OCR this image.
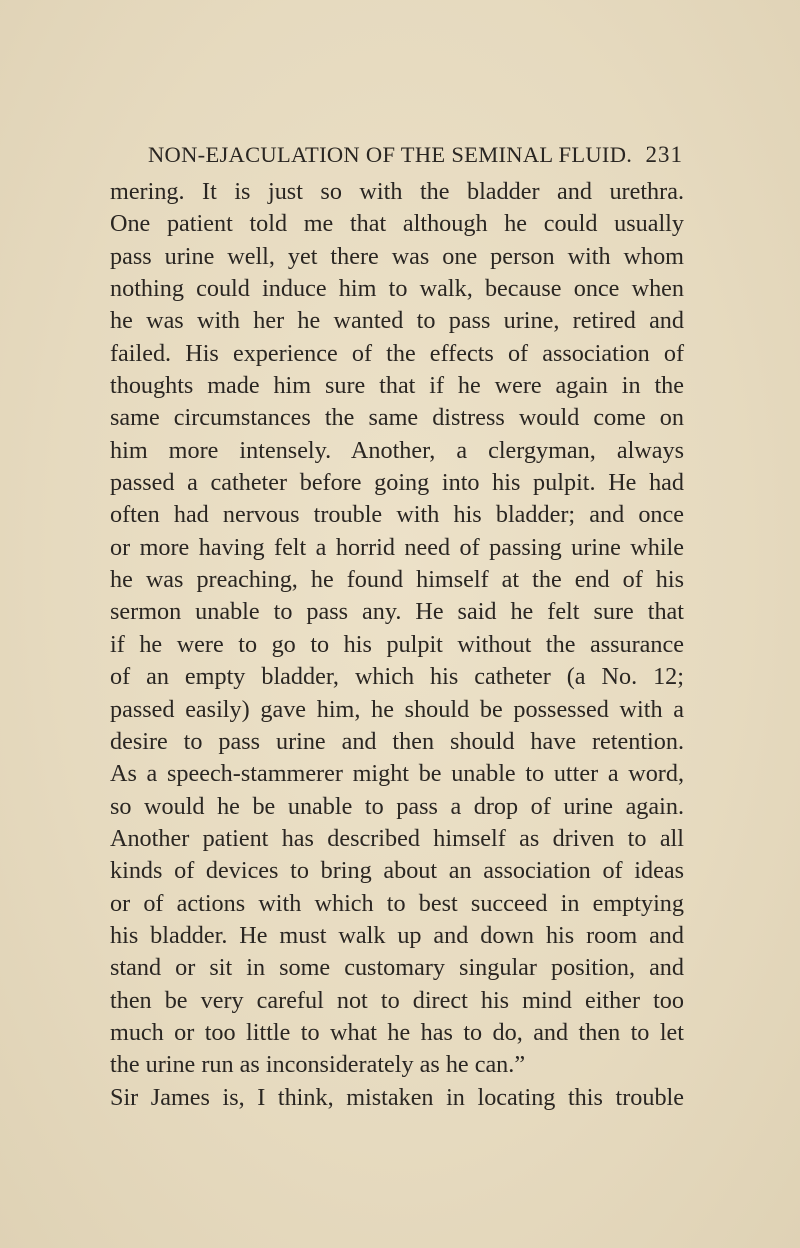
NON-EJACULATION OF THE SEMINAL FLUID. 231
mering. It is just so with the bladder and urethra.
One patient told me that although he could usually
pass urine well, yet there was one person with whom
nothing could induce him to walk, because once when
he was with her he wanted to pass urine, retired and
failed. His experience of the effects of association of
thoughts made him sure that if he were again in the
same circumstances the same distress would come on
him more intensely. Another, a clergyman, always
passed a catheter before going into his pulpit. He had
often had nervous trouble with his bladder; and once
or more having felt a horrid need of passing urine while
he was preaching, he found himself at the end of his
sermon unable to pass any. He said he felt sure that
if he were to go to his pulpit without the assurance
of an empty bladder, which his catheter (a No. 12;
passed easily) gave him, he should be possessed with a
desire to pass urine and then should have retention.
As a speech-stammerer might be unable to utter a word,
so would he be unable to pass a drop of urine again.
Another patient has described himself as driven to all
kinds of devices to bring about an association of ideas
or of actions with which to best succeed in emptying
his bladder. He must walk up and down his room and
stand or sit in some customary singular position, and
then be very careful not to direct his mind either too
much or too little to what he has to do, and then to let
the urine run as inconsiderately as he can.”
Sir James is, I think, mistaken in locating this trouble
